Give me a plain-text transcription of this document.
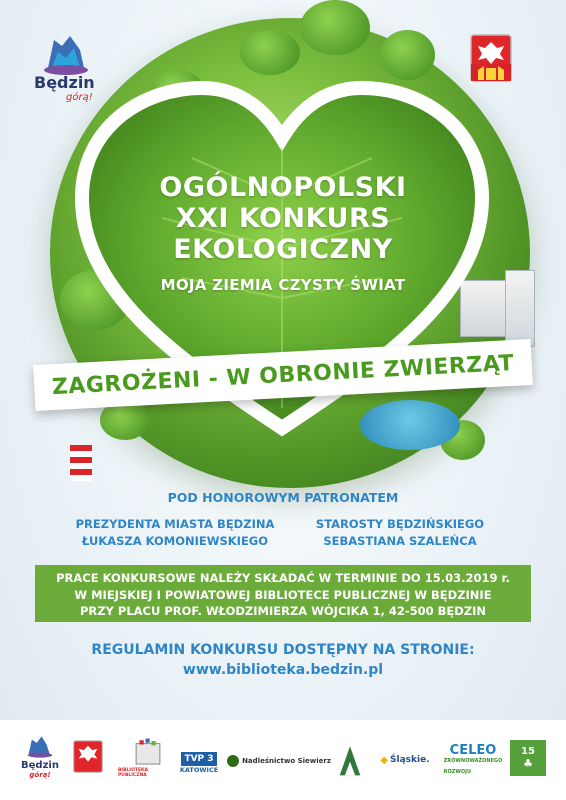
OGÓLNOPOLSKI
XXI KONKURS
EKOLOGICZNY
MOJA ZIEMIA CZYSTY ŚWIAT
ZAGROŻENI - W OBRONIE ZWIERZĄT
Będzin
górą!
POD HONOROWYM PATRONATEM
PREZYDENTA MIASTA BĘDZINA
ŁUKASZA KOMONIEWSKIEGO
STAROSTY BĘDZIŃSKIEGO
SEBASTIANA SZALEŃCA
PRACE KONKURSOWE NALEŻY SKŁADAĆ W TERMINIE DO 15.03.2019 r.
W MIEJSKIEJ I POWIATOWEJ BIBLIOTECE PUBLICZNEJ W BĘDZINIE
PRZY PLACU PROF. WŁODZIMIERZA WÓJCIKA 1, 42-500 BĘDZIN
REGULAMIN KONKURSU DOSTĘPNY NA STRONIE:
www.biblioteka.bedzin.pl
Będzin
górą!
BIBLIOTEKA PUBLICZNA
TVP 3
KATOWICE
Nadleśnictwo Siewierz	◆ Śląskie.
CELEO
ZRÓWNOWAŻONEGO ROZWOJU
15
♣
